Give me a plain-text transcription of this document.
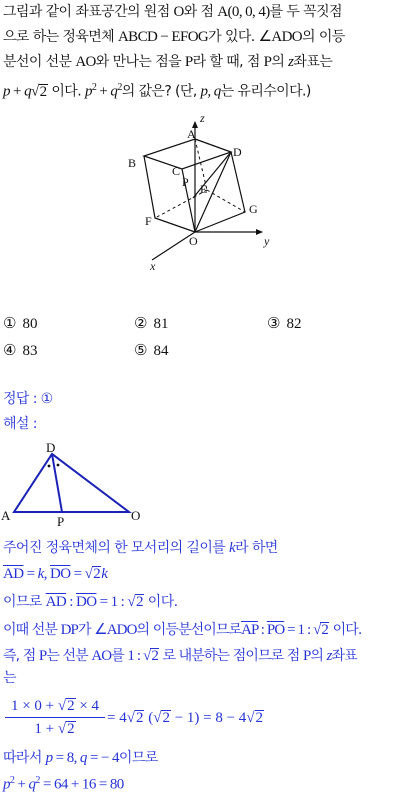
그림과 같이 좌표공간의 원점 O와 점 A(0, 0, 4)를 두 꼭짓점
으로 하는 정육면체 ABCD − EFOG가 있다. ∠ADO의 이등
분선이 선분 AO와 만나는 점을 P라 할 때, 점 P의 z좌표는
p + q√2 이다. $p^2 + q^2$의 값은? (단, p, q는 유리수이다.)
A
B
C
D
P E
F
G
O
z
y
x
① 80	② 81	③ 82
④ 83	⑤ 84
정답 : ①
해설 :
D
A	P	O
주어진 정육면체의 한 모서리의 길이를 k라 하면
$\overline{AD} = k$, $\overline{DO} = √2k$
이므로 $\overline{AD}$ : $\overline{DO} = 1$ : √2 이다.
이때 선분 DP가 ∠ADO의 이등분선이므로$\overline{AP}$ : $\overline{PO} = 1$ : √2 이다.
즉, 점 P는 선분 AO를 1 : √2 로 내분하는 점이므로 점 P의 z좌표
는
1 × 0 + √2 × 4
1 + √2
= 4√2 (√2 − 1) = 8 − 4√2
따라서 p = 8, q = − 4이므로
$p^2 + q^2 = 64 + 16 = 80$
